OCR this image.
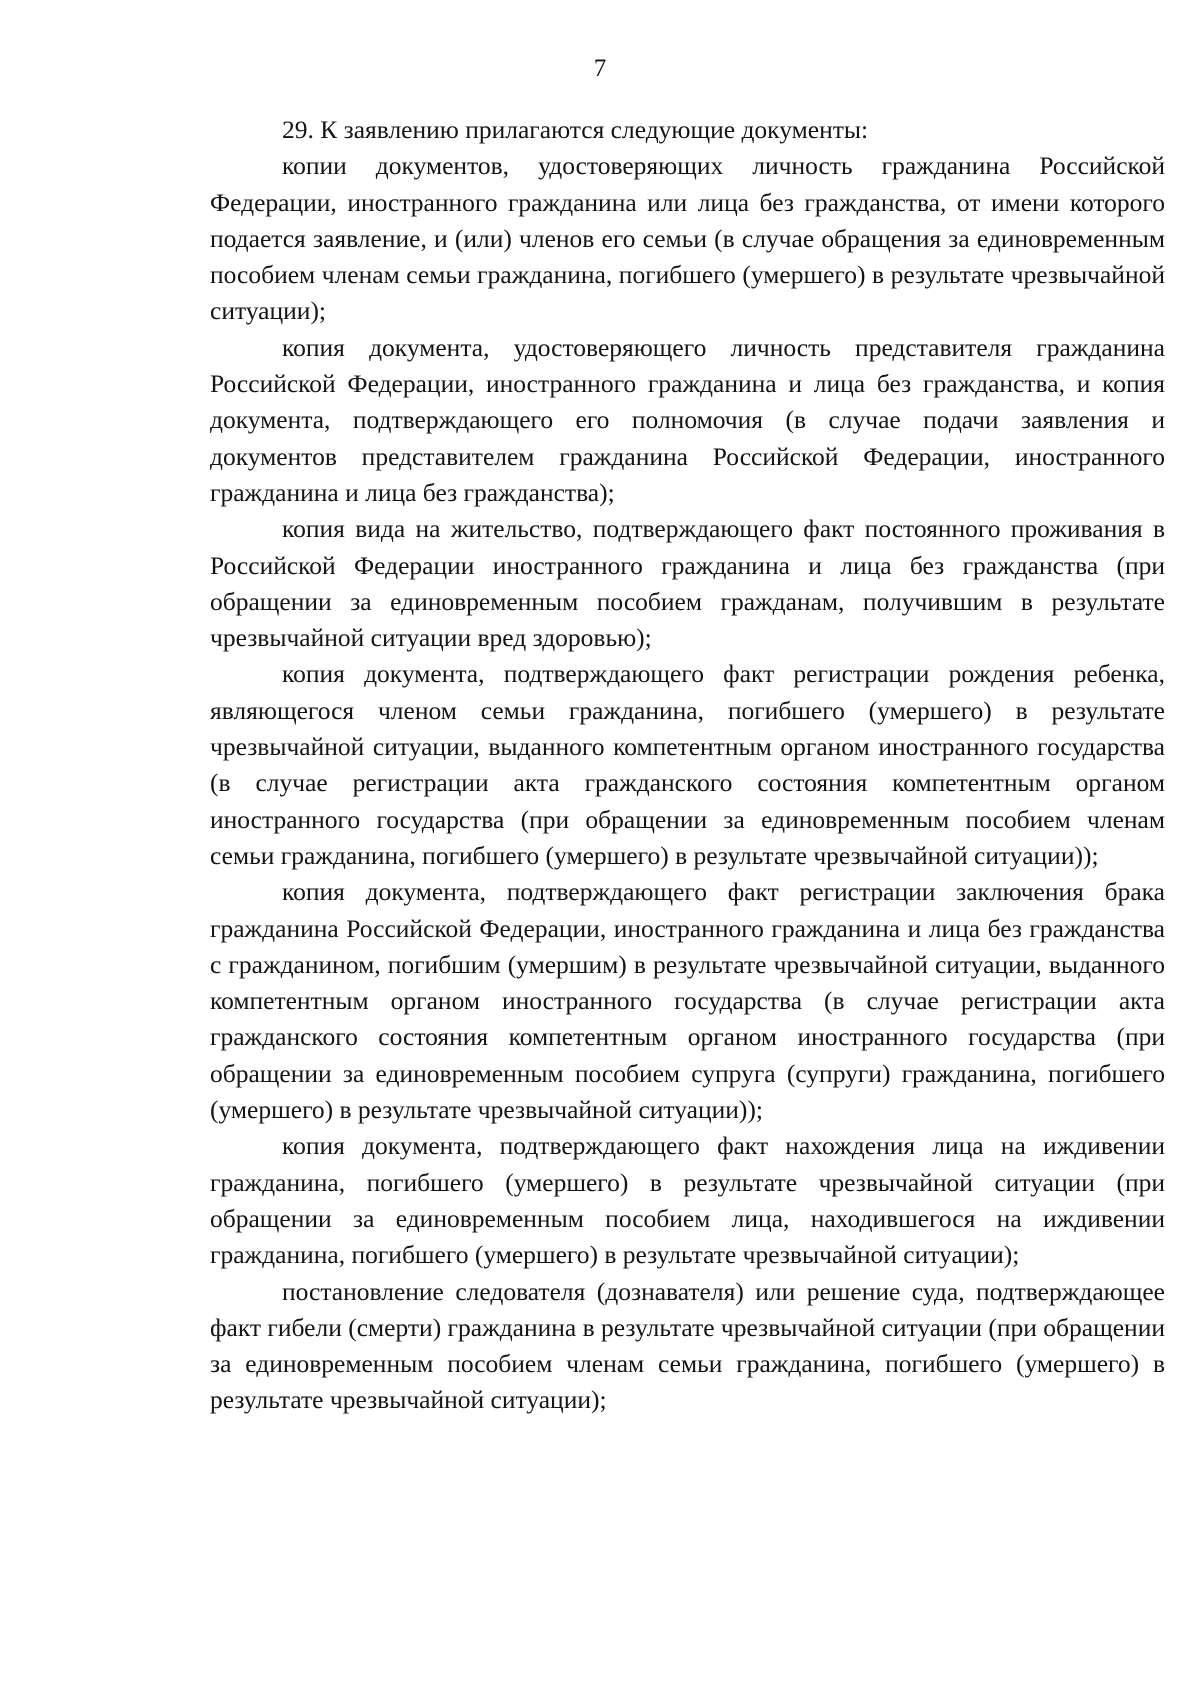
7

29. К заявлению прилагаются следующие документы:

копии документов, удостоверяющих личность гражданина Российской Федерации, иностранного гражданина или лица без гражданства, от имени которого подается заявление, и (или) членов его семьи (в случае обращения за единовременным пособием членам семьи гражданина, погибшего (умершего) в результате чрезвычайной ситуации);

копия документа, удостоверяющего личность представителя гражданина Российской Федерации, иностранного гражданина и лица без гражданства, и копия документа, подтверждающего его полномочия (в случае подачи заявления и документов представителем гражданина Российской Федерации, иностранного гражданина и лица без гражданства);

копия вида на жительство, подтверждающего факт постоянного проживания в Российской Федерации иностранного гражданина и лица без гражданства (при обращении за единовременным пособием гражданам, получившим в результате чрезвычайной ситуации вред здоровью);

копия документа, подтверждающего факт регистрации рождения ребенка, являющегося членом семьи гражданина, погибшего (умершего) в результате чрезвычайной ситуации, выданного компетентным органом иностранного государства (в случае регистрации акта гражданского состояния компетентным органом иностранного государства (при обращении за единовременным пособием членам семьи гражданина, погибшего (умершего) в результате чрезвычайной ситуации));

копия документа, подтверждающего факт регистрации заключения брака гражданина Российской Федерации, иностранного гражданина и лица без гражданства с гражданином, погибшим (умершим) в результате чрезвычайной ситуации, выданного компетентным органом иностранного государства (в случае регистрации акта гражданского состояния компетентным органом иностранного государства (при обращении за единовременным пособием супруга (супруги) гражданина, погибшего (умершего) в результате чрезвычайной ситуации));

копия документа, подтверждающего факт нахождения лица на иждивении гражданина, погибшего (умершего) в результате чрезвычайной ситуации (при обращении за единовременным пособием лица, находившегося на иждивении гражданина, погибшего (умершего) в результате чрезвычайной ситуации);

постановление следователя (дознавателя) или решение суда, подтверждающее факт гибели (смерти) гражданина в результате чрезвычайной ситуации (при обращении за единовременным пособием членам семьи гражданина, погибшего (умершего) в результате чрезвычайной ситуации);
